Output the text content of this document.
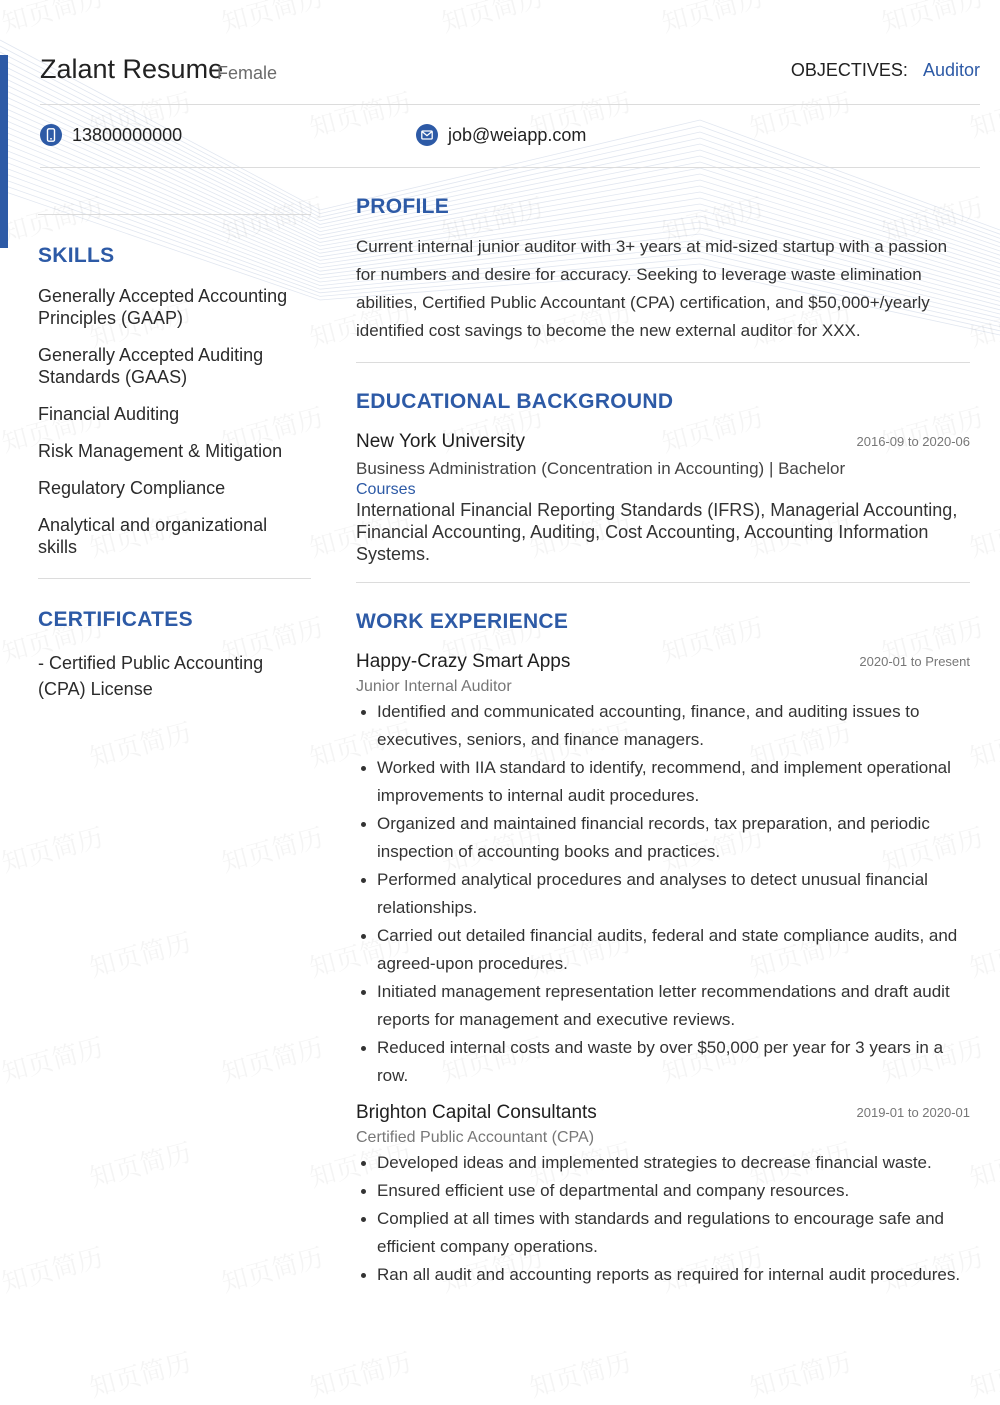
Zalant Resume
Female	OBJECTIVES: Auditor
13800000000	job@weiapp.com
SKILLS
Generally Accepted Accounting Principles (GAAP)
Generally Accepted Auditing Standards (GAAS)
Financial Auditing
Risk Management & Mitigation
Regulatory Compliance
Analytical and organizational skills
CERTIFICATES
- Certified Public Accounting (CPA) License
PROFILE
Current internal junior auditor with 3+ years at mid-sized startup with a passion for numbers and desire for accuracy. Seeking to leverage waste elimination abilities, Certified Public Accountant (CPA) certification, and $50,000+/yearly identified cost savings to become the new external auditor for XXX.
EDUCATIONAL BACKGROUND
New York University	2016-09 to 2020-06
Business Administration (Concentration in Accounting) | Bachelor
Courses
International Financial Reporting Standards (IFRS), Managerial Accounting, Financial Accounting, Auditing, Cost Accounting, Accounting Information Systems.
WORK EXPERIENCE
Happy-Crazy Smart Apps	2020-01 to Present
Junior Internal Auditor
Identified and communicated accounting, finance, and auditing issues to executives, seniors, and finance managers.
Worked with IIA standard to identify, recommend, and implement operational improvements to internal audit procedures.
Organized and maintained financial records, tax preparation, and periodic inspection of accounting books and practices.
Performed analytical procedures and analyses to detect unusual financial relationships.
Carried out detailed financial audits, federal and state compliance audits, and agreed-upon procedures.
Initiated management representation letter recommendations and draft audit reports for management and executive reviews.
Reduced internal costs and waste by over $50,000 per year for 3 years in a row.
Brighton Capital Consultants	2019-01 to 2020-01
Certified Public Accountant (CPA)
Developed ideas and implemented strategies to decrease financial waste.
Ensured efficient use of departmental and company resources.
Complied at all times with standards and regulations to encourage safe and efficient company operations.
Ran all audit and accounting reports as required for internal audit procedures.
